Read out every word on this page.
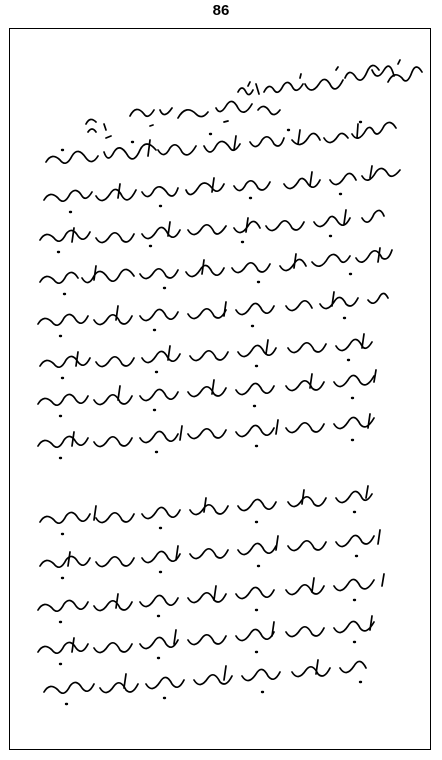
86
